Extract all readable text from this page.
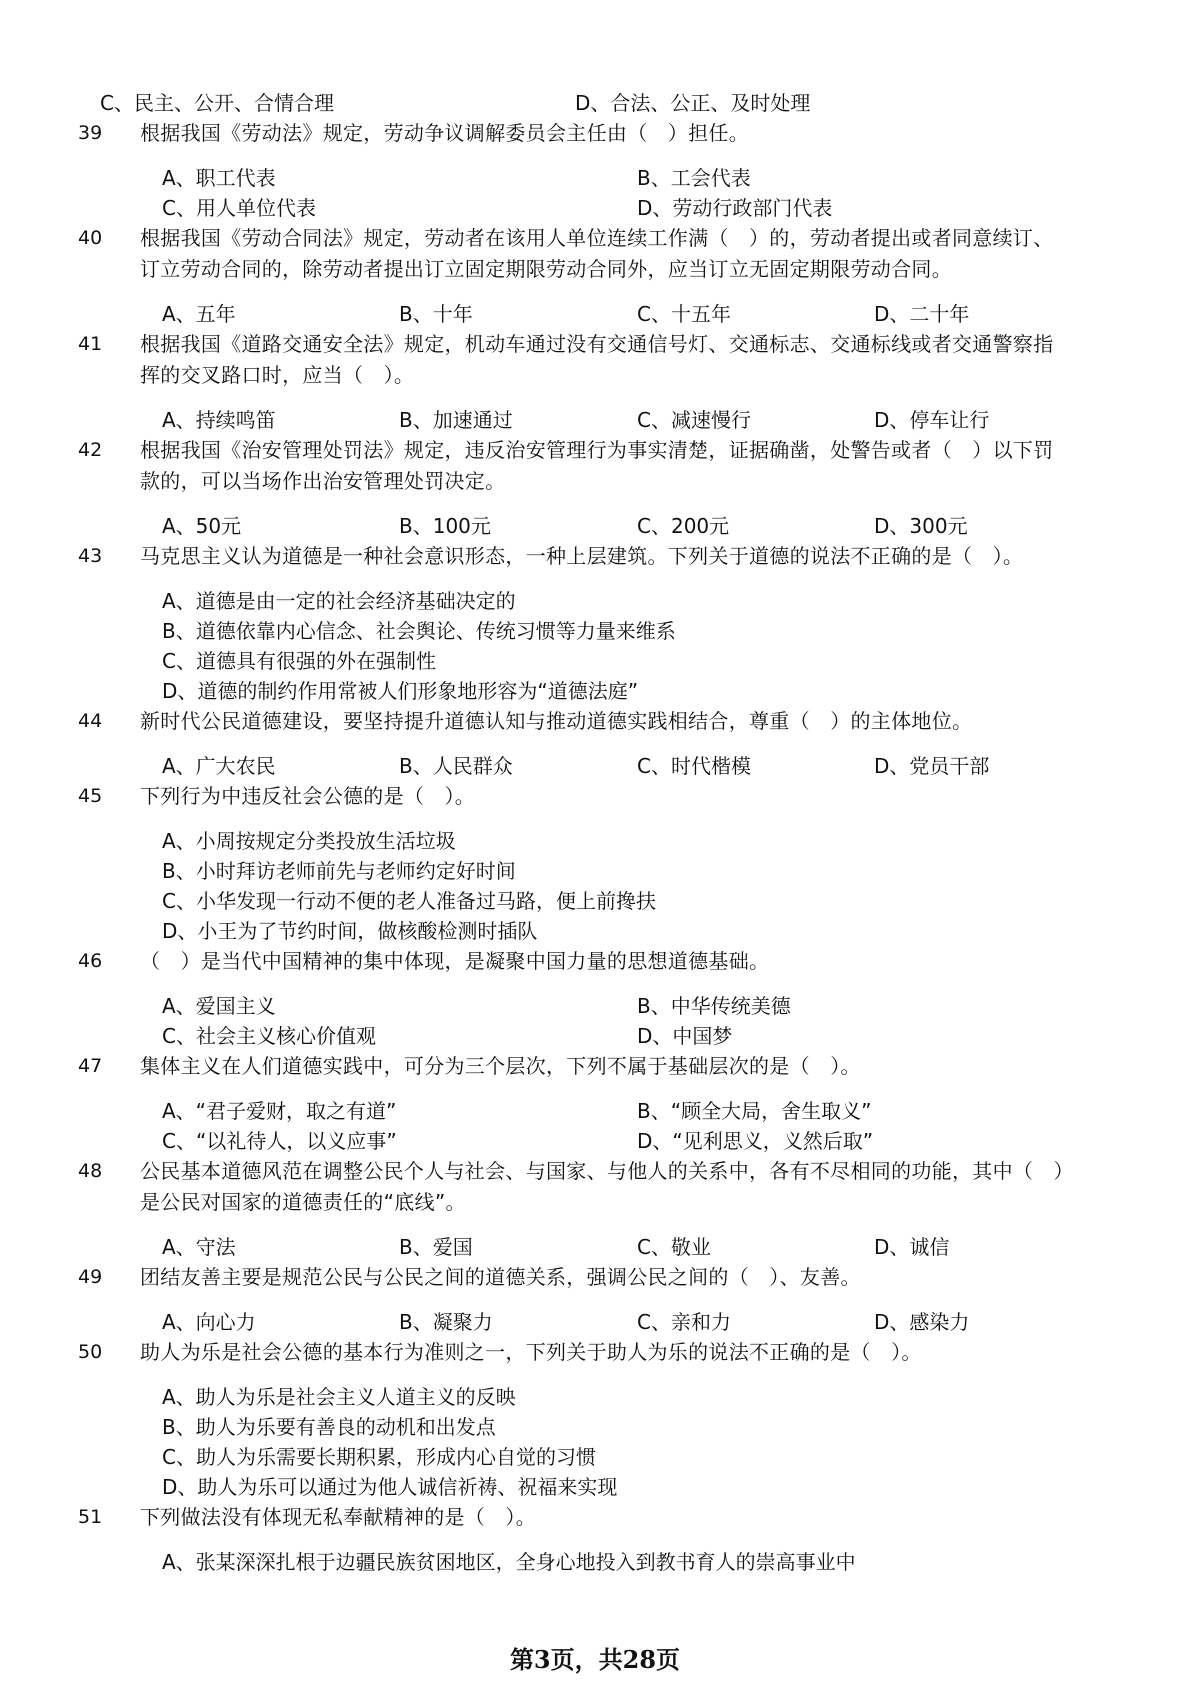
C、民主、公开、合情合理	D、合法、公正、及时处理
39	根据我国《劳动法》规定，劳动争议调解委员会主任由（　）担任。
A、职工代表	B、工会代表
C、用人单位代表	D、劳动行政部门代表
40	根据我国《劳动合同法》规定，劳动者在该用人单位连续工作满（　）的，劳动者提出或者同意续订、订立劳动合同的，除劳动者提出订立固定期限劳动合同外，应当订立无固定期限劳动合同。
A、五年	B、十年	C、十五年	D、二十年
41	根据我国《道路交通安全法》规定，机动车通过没有交通信号灯、交通标志、交通标线或者交通警察指挥的交叉路口时，应当（　）。
A、持续鸣笛	B、加速通过	C、减速慢行	D、停车让行
42	根据我国《治安管理处罚法》规定，违反治安管理行为事实清楚，证据确凿，处警告或者（　）以下罚款的，可以当场作出治安管理处罚决定。
A、50元	B、100元	C、200元	D、300元
43	马克思主义认为道德是一种社会意识形态，一种上层建筑。下列关于道德的说法不正确的是（　）。
A、道德是由一定的社会经济基础决定的
B、道德依靠内心信念、社会舆论、传统习惯等力量来维系
C、道德具有很强的外在强制性
D、道德的制约作用常被人们形象地形容为“道德法庭”
44	新时代公民道德建设，要坚持提升道德认知与推动道德实践相结合，尊重（　）的主体地位。
A、广大农民	B、人民群众	C、时代楷模	D、党员干部
45	下列行为中违反社会公德的是（　）。
A、小周按规定分类投放生活垃圾
B、小时拜访老师前先与老师约定好时间
C、小华发现一行动不便的老人准备过马路，便上前搀扶
D、小王为了节约时间，做核酸检测时插队
46	（　）是当代中国精神的集中体现，是凝聚中国力量的思想道德基础。
A、爱国主义	B、中华传统美德
C、社会主义核心价值观	D、中国梦
47	集体主义在人们道德实践中，可分为三个层次，下列不属于基础层次的是（　）。
A、“君子爱财，取之有道”	B、“顾全大局，舍生取义”
C、“以礼待人，以义应事”	D、“见利思义，义然后取”
48	公民基本道德风范在调整公民个人与社会、与国家、与他人的关系中，各有不尽相同的功能，其中（　）是公民对国家的道德责任的“底线”。
A、守法	B、爱国	C、敬业	D、诚信
49	团结友善主要是规范公民与公民之间的道德关系，强调公民之间的（　）、友善。
A、向心力	B、凝聚力	C、亲和力	D、感染力
50	助人为乐是社会公德的基本行为准则之一，下列关于助人为乐的说法不正确的是（　）。
A、助人为乐是社会主义人道主义的反映
B、助人为乐要有善良的动机和出发点
C、助人为乐需要长期积累，形成内心自觉的习惯
D、助人为乐可以通过为他人诚信祈祷、祝福来实现
51	下列做法没有体现无私奉献精神的是（　）。
A、张某深深扎根于边疆民族贫困地区，全身心地投入到教书育人的崇高事业中
第3页，共28页
